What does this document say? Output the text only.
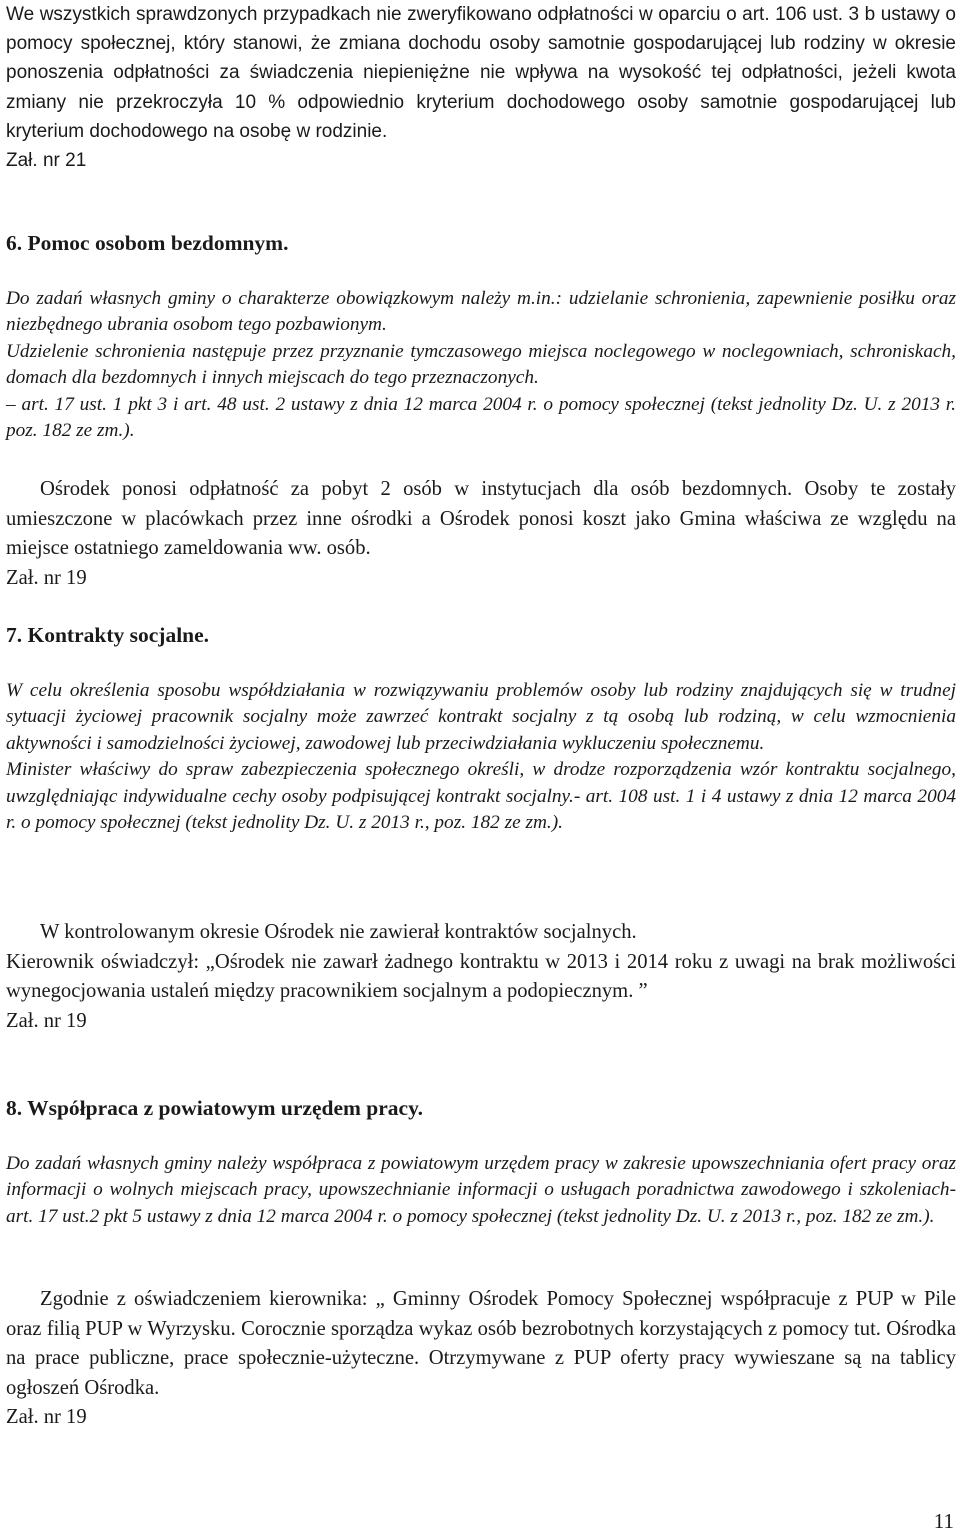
We wszystkich sprawdzonych przypadkach nie zweryfikowano odpłatności w oparciu o art. 106 ust. 3 b ustawy o pomocy społecznej, który stanowi, że zmiana dochodu osoby samotnie gospodarującej lub rodziny w okresie ponoszenia odpłatności za świadczenia niepieniężne nie wpływa na wysokość tej odpłatności, jeżeli kwota zmiany nie przekroczyła 10 % odpowiednio kryterium dochodowego osoby samotnie gospodarującej lub kryterium dochodowego na osobę w rodzinie.

Zał. nr 21

6. Pomoc osobom bezdomnym.

Do zadań własnych gminy o charakterze obowiązkowym należy m.in.: udzielanie schronienia, zapewnienie posiłku oraz niezbędnego ubrania osobom tego pozbawionym.

Udzielenie schronienia następuje przez przyznanie tymczasowego miejsca noclegowego w noclegowniach, schroniskach, domach dla bezdomnych i innych miejscach do tego przeznaczonych.

– art. 17 ust. 1 pkt 3 i art. 48 ust. 2 ustawy z dnia 12 marca 2004 r. o pomocy społecznej (tekst jednolity Dz. U. z 2013 r. poz. 182 ze zm.).

Ośrodek ponosi odpłatność za pobyt 2 osób w instytucjach dla osób bezdomnych. Osoby te zostały umieszczone w placówkach przez inne ośrodki a Ośrodek ponosi koszt jako Gmina właściwa ze względu na miejsce ostatniego zameldowania ww. osób.

Zał. nr 19

7. Kontrakty socjalne.

W celu określenia sposobu współdziałania w rozwiązywaniu problemów osoby lub rodziny znajdujących się w trudnej sytuacji życiowej pracownik socjalny może zawrzeć kontrakt socjalny z tą osobą lub rodziną, w celu wzmocnienia aktywności i samodzielności życiowej, zawodowej lub przeciwdziałania wykluczeniu społecznemu.

Minister właściwy do spraw zabezpieczenia społecznego określi, w drodze rozporządzenia wzór kontraktu socjalnego, uwzględniając indywidualne cechy osoby podpisującej kontrakt socjalny.- art. 108 ust. 1 i 4 ustawy z dnia 12 marca 2004 r. o pomocy społecznej (tekst jednolity Dz. U. z 2013 r., poz. 182 ze zm.).

W kontrolowanym okresie Ośrodek nie zawierał kontraktów socjalnych.

Kierownik oświadczył: „Ośrodek nie zawarł żadnego kontraktu w 2013 i 2014 roku z uwagi na brak możliwości wynegocjowania ustaleń między pracownikiem socjalnym a podopiecznym. ”

Zał. nr 19

8. Współpraca z powiatowym urzędem pracy.

Do zadań własnych gminy należy współpraca z powiatowym urzędem pracy w zakresie upowszechniania ofert pracy oraz informacji o wolnych miejscach pracy, upowszechnianie informacji o usługach poradnictwa zawodowego i szkoleniach- art. 17 ust.2 pkt 5 ustawy z dnia 12 marca 2004 r. o pomocy społecznej (tekst jednolity Dz. U. z 2013 r., poz. 182 ze zm.).

Zgodnie z oświadczeniem kierownika: „ Gminny Ośrodek Pomocy Społecznej współpracuje z PUP w Pile oraz filią PUP w Wyrzysku. Corocznie sporządza wykaz osób bezrobotnych korzystających z pomocy tut. Ośrodka na prace publiczne, prace społecznie-użyteczne. Otrzymywane z PUP oferty pracy wywieszane są na tablicy ogłoszeń Ośrodka.

Zał. nr 19

11
